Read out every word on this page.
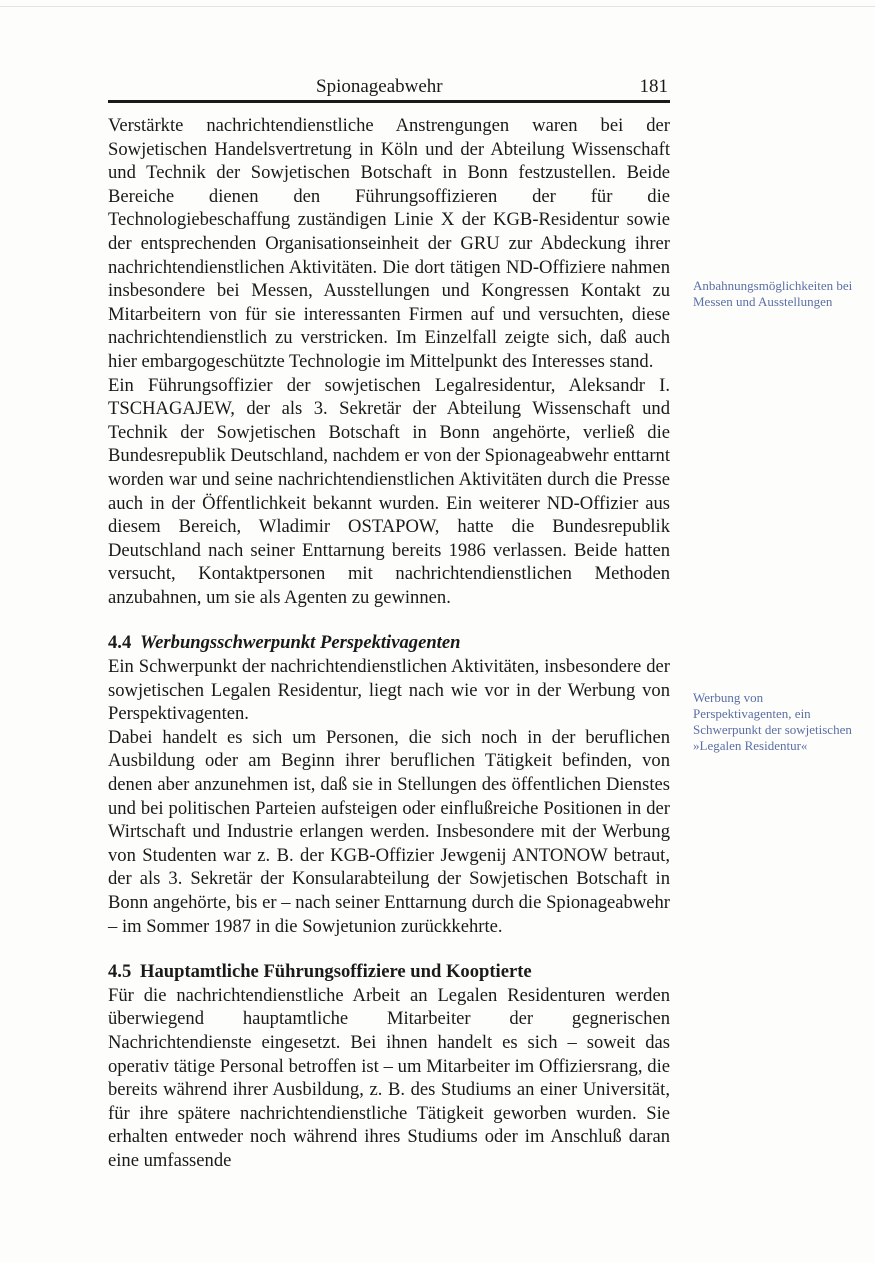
Spionageabwehr	181

Verstärkte nachrichtendienstliche Anstrengungen waren bei der Sowjetischen Handelsvertretung in Köln und der Abteilung Wissenschaft und Technik der Sowjetischen Botschaft in Bonn festzustellen. Beide Bereiche dienen den Führungsoffizieren der für die Technologiebeschaffung zuständigen Linie X der KGB-Residentur sowie der entsprechenden Organisationseinheit der GRU zur Abdeckung ihrer nachrichtendienstlichen Aktivitäten. Die dort tätigen ND-Offiziere nahmen insbesondere bei Messen, Ausstellungen und Kongressen Kontakt zu Mitarbeitern von für sie interessanten Firmen auf und versuchten, diese nachrichtendienstlich zu verstricken. Im Einzelfall zeigte sich, daß auch hier embargogeschützte Technologie im Mittelpunkt des Interesses stand.

Ein Führungsoffizier der sowjetischen Legalresidentur, Aleksandr I. TSCHAGAJEW, der als 3. Sekretär der Abteilung Wissenschaft und Technik der Sowjetischen Botschaft in Bonn angehörte, verließ die Bundesrepublik Deutschland, nachdem er von der Spionageabwehr enttarnt worden war und seine nachrichtendienstlichen Aktivitäten durch die Presse auch in der Öffentlichkeit bekannt wurden. Ein weiterer ND-Offizier aus diesem Bereich, Wladimir OSTAPOW, hatte die Bundesrepublik Deutschland nach seiner Enttarnung bereits 1986 verlassen. Beide hatten versucht, Kontaktpersonen mit nachrichtendienstlichen Methoden anzubahnen, um sie als Agenten zu gewinnen.

4.4 Werbungsschwerpunkt Perspektivagenten

Ein Schwerpunkt der nachrichtendienstlichen Aktivitäten, insbesondere der sowjetischen Legalen Residentur, liegt nach wie vor in der Werbung von Perspektivagenten.

Dabei handelt es sich um Personen, die sich noch in der beruflichen Ausbildung oder am Beginn ihrer beruflichen Tätigkeit befinden, von denen aber anzunehmen ist, daß sie in Stellungen des öffentlichen Dienstes und bei politischen Parteien aufsteigen oder einflußreiche Positionen in der Wirtschaft und Industrie erlangen werden. Insbesondere mit der Werbung von Studenten war z. B. der KGB-Offizier Jewgenij ANTONOW betraut, der als 3. Sekretär der Konsularabteilung der Sowjetischen Botschaft in Bonn angehörte, bis er – nach seiner Enttarnung durch die Spionageabwehr – im Sommer 1987 in die Sowjetunion zurückkehrte.

4.5 Hauptamtliche Führungsoffiziere und Kooptierte

Für die nachrichtendienstliche Arbeit an Legalen Residenturen werden überwiegend hauptamtliche Mitarbeiter der gegnerischen Nachrichtendienste eingesetzt. Bei ihnen handelt es sich – soweit das operativ tätige Personal betroffen ist – um Mitarbeiter im Offiziersrang, die bereits während ihrer Ausbildung, z. B. des Studiums an einer Universität, für ihre spätere nachrichtendienstliche Tätigkeit geworben wurden. Sie erhalten entweder noch während ihres Studiums oder im Anschluß daran eine umfassende

Anbahnungsmöglichkeiten bei Messen und Ausstellungen
Werbung von Perspektivagenten, ein Schwerpunkt der sowjetischen »Legalen Residentur«
